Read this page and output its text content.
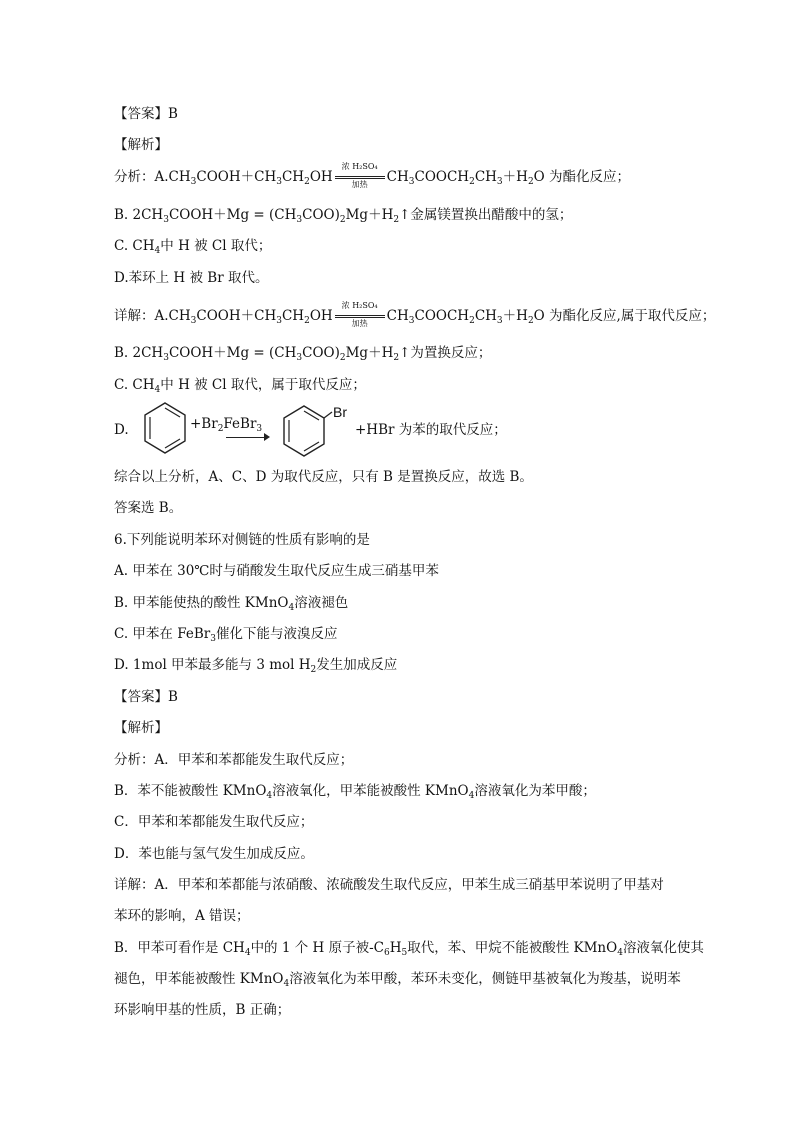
【答案】B
【解析】
分析：$A.CH_3COOH+CH_3CH_2OH$
浓 H₂SO₄
加热	$CH_3COOCH_2CH_3+H_2O$ 为酯化反应；
B. $2CH_3COOH+Mg$ = $(CH_3COO)_2Mg+H_2↑$金属镁置换出醋酸中的氢；
C. $CH_4$中 H 被 Cl 取代；
D.苯环上 H 被 Br 取代。
详解：$A.CH_3COOH+CH_3CH_2OH$
浓 H₂SO₄
加热	$CH_3COOCH_2CH_3+H_2O$ 为酯化反应,属于取代反应；
B. $2CH_3COOH+Mg$ = $(CH_3COO)_2Mg+H_2↑$为置换反应；
C. $CH_4$中 H 被 Cl 取代，属于取代反应；
综合以上分析，A、C、D 为取代反应，只有 B 是置换反应，故选 B。
答案选 B。
6.下列能说明苯环对侧链的性质有影响的是
A. 甲苯在 30℃时与硝酸发生取代反应生成三硝基甲苯
B. 甲苯能使热的酸性 KMnO$_4$溶液褪色
C. 甲苯在 FeBr$_3$催化下能与液溴反应
D. 1mol 甲苯最多能与 3 mol $H_2$发生加成反应
【答案】B
【解析】
分析：A．甲苯和苯都能发生取代反应；
B．苯不能被酸性 KMnO$_4$溶液氧化，甲苯能被酸性 KMnO$_4$溶液氧化为苯甲酸；
C．甲苯和苯都能发生取代反应；
D．苯也能与氢气发生加成反应。
详解：A．甲苯和苯都能与浓硝酸、浓硫酸发生取代反应，甲苯生成三硝基甲苯说明了甲基对
苯环的影响，A 错误；
B．甲苯可看作是 $CH_4$中的 1 个 H 原子被$-C_6H_5$取代，苯、甲烷不能被酸性 KMnO$_4$溶液氧化使其
褪色，甲苯能被酸性 KMnO$_4$溶液氧化为苯甲酸，苯环未变化，侧链甲基被氧化为羧基，说明苯
环影响甲基的性质，B 正确；
D.	$+Br_2FeBr_3$
Br
+HBr 为苯的取代反应；
